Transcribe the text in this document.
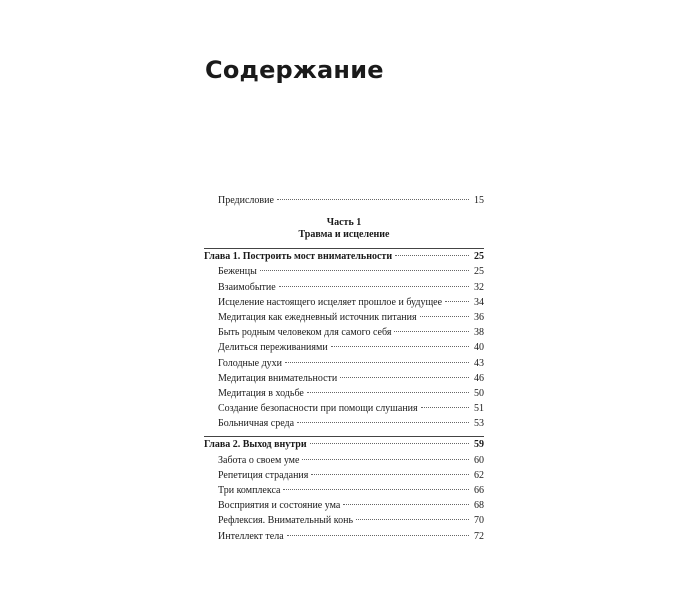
Содержание
Предисловие	15
Часть 1
Травма и исцеление
Глава 1. Построить мост внимательности	25
Беженцы	25
Взаимобытие	32
Исцеление настоящего исцеляет прошлое и будущее	34
Медитация как ежедневный источник питания	36
Быть родным человеком для самого себя	38
Делиться переживаниями	40
Голодные духи	43
Медитация внимательности	46
Медитация в ходьбе	50
Создание безопасности при помощи слушания	51
Больничная среда	53
Глава 2. Выход внутри	59
Забота о своем уме	60
Репетиция страдания	62
Три комплекса	66
Восприятия и состояние ума	68
Рефлексия. Внимательный конь	70
Интеллект тела	72
